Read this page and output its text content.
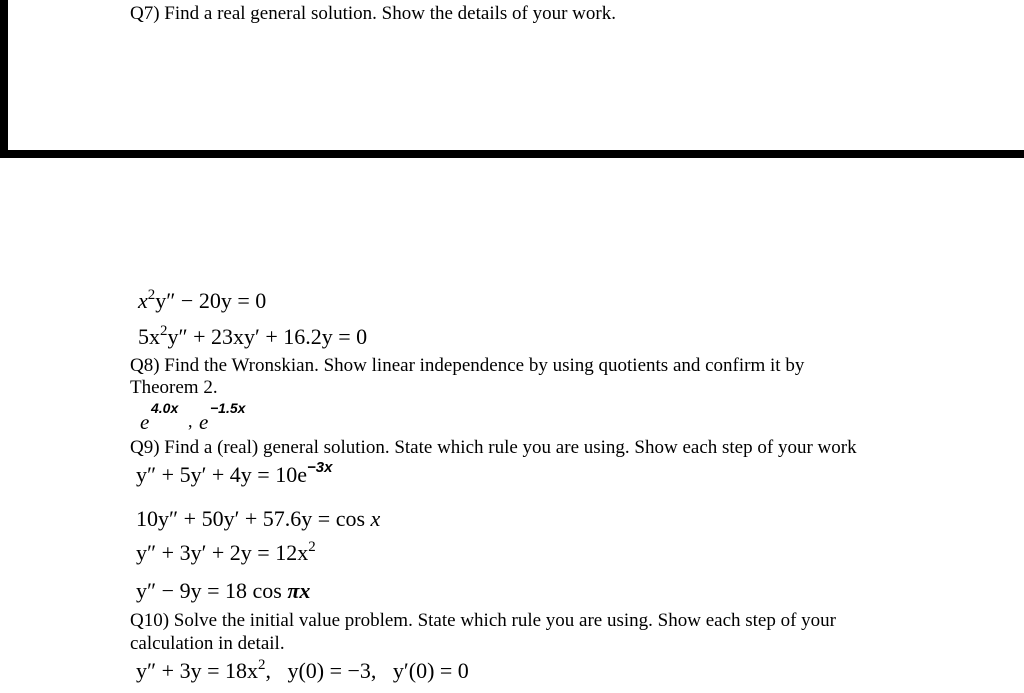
Q7) Find a real general solution. Show the details of your work.
$x^2y'' - 20y = 0$
$5x^2y'' + 23xy' + 16.2y = 0$
Q8) Find the Wronskian. Show linear independence by using quotients and confirm it by
Theorem 2.
e
4.0x
, e
−1.5x
Q9) Find a (real) general solution. State which rule you are using. Show each step of your work
$y'' + 5y' + 4y = 10e^{-3x}$
10y″ + 50y′ + 57.6y = cos x
$y'' + 3y' + 2y = 12x^2$
y″ − 9y = 18 cos πx
Q10) Solve the initial value problem. State which rule you are using. Show each step of your
calculation in detail.
$y'' + 3y = 18x^2$,   y(0) = −3,   y′(0) = 0
